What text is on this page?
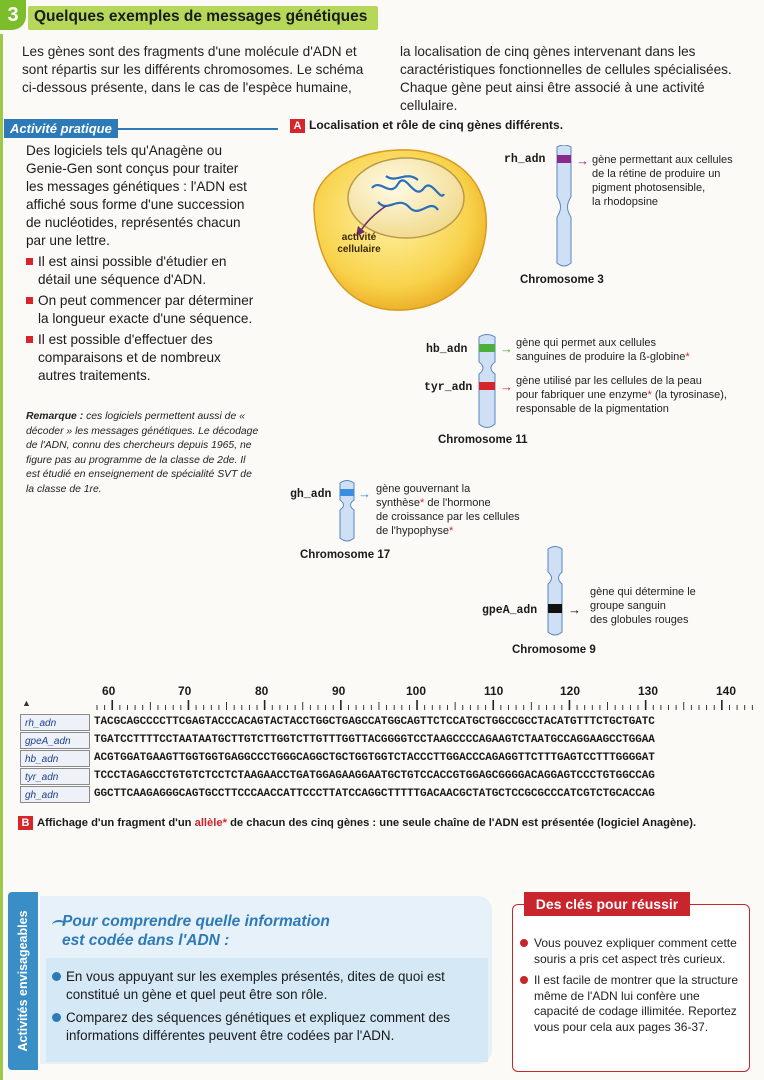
3 Quelques exemples de messages génétiques
Les gènes sont des fragments d'une molécule d'ADN et sont répartis sur les différents chromosomes. Le schéma ci-dessous présente, dans le cas de l'espèce humaine,
la localisation de cinq gènes intervenant dans les caractéristiques fonctionnelles de cellules spécialisées. Chaque gène peut ainsi être associé à une activité cellulaire.
Activité pratique
Des logiciels tels qu'Anagène ou Genie-Gen sont conçus pour traiter les messages génétiques : l'ADN est affiché sous forme d'une succession de nucléotides, représentés chacun par une lettre.
Il est ainsi possible d'étudier en détail une séquence d'ADN.
On peut commencer par déterminer la longueur exacte d'une séquence.
Il est possible d'effectuer des comparaisons et de nombreux autres traitements.
Remarque : ces logiciels permettent aussi de « décoder » les messages génétiques. Le décodage de l'ADN, connu des chercheurs depuis 1965, ne figure pas au programme de la classe de 2de. Il est étudié en enseignement de spécialité SVT de la classe de 1re.
A Localisation et rôle de cinq gènes différents.
activité cellulaire
rh_adn → gène permettant aux cellules
de la rétine de produire un
pigment photosensible,
la rhodopsine
Chromosome 3
hb_adn
tyr_adn
→
→
gène qui permet aux cellules
sanguines de produire la ß-globine*
gène utilisé par les cellules de la peau
pour fabriquer une enzyme* (la tyrosinase),
responsable de la pigmentation
Chromosome 11
gh_adn → gène gouvernant la
synthèse* de l'hormone
de croissance par les cellules
de l'hypophyse*
Chromosome 17
gpeA_adn →
gène qui détermine le
groupe sanguin
des globules rouges
Chromosome 9
▲
60	70	80	90	100	110	120	130	140
rh_adn	TACGCAGCCCCTTCGAGTACCCACAGTACTACCTGGCTGAGCCATGGCAGTTCTCCATGCTGGCCGCCTACATGTTTCTGCTGATC
gpeA_adn	TGATCCTTTTCCTAATAATGCTTGTCTTGGTCTTGTTTGGTTACGGGGTCCTAAGCCCCAGAAGTCTAATGCCAGGAAGCCTGGAA
hb_adn	ACGTGGATGAAGTTGGTGGTGAGGCCCTGGGCAGGCTGCTGGTGGTCTACCCTTGGACCCAGAGGTTCTTTGAGTCCTTTGGGGAT
tyr_adn	TCCCTAGAGCCTGTGTCTCCTCTAAGAACCTGATGGAGAAGGAATGCTGTCCACCGTGGAGCGGGGACAGGAGTCCCTGTGGCCAG
gh_adn	GGCTTCAAGAGGGCAGTGCCTTCCCAACCATTCCCTTATCCAGGCTTTTTGACAACGCTATGCTCCGCGCCCATCGTCTGCACCAG
B Affichage d'un fragment d'un allèle* de chacun des cinq gènes : une seule chaîne de l'ADN est présentée (logiciel Anagène).
Activités envisageables Pour comprendre quelle information
est codée dans l'ADN :
En vous appuyant sur les exemples présentés, dites de quoi est constitué un gène et quel peut être son rôle.
Comparez des séquences génétiques et expliquez comment des informations différentes peuvent être codées par l'ADN.
Des clés pour réussir
Vous pouvez expliquer comment cette souris a pris cet aspect très curieux.
Il est facile de montrer que la structure même de l'ADN lui confère une capacité de codage illimitée. Reportez vous pour cela aux pages 36-37.
